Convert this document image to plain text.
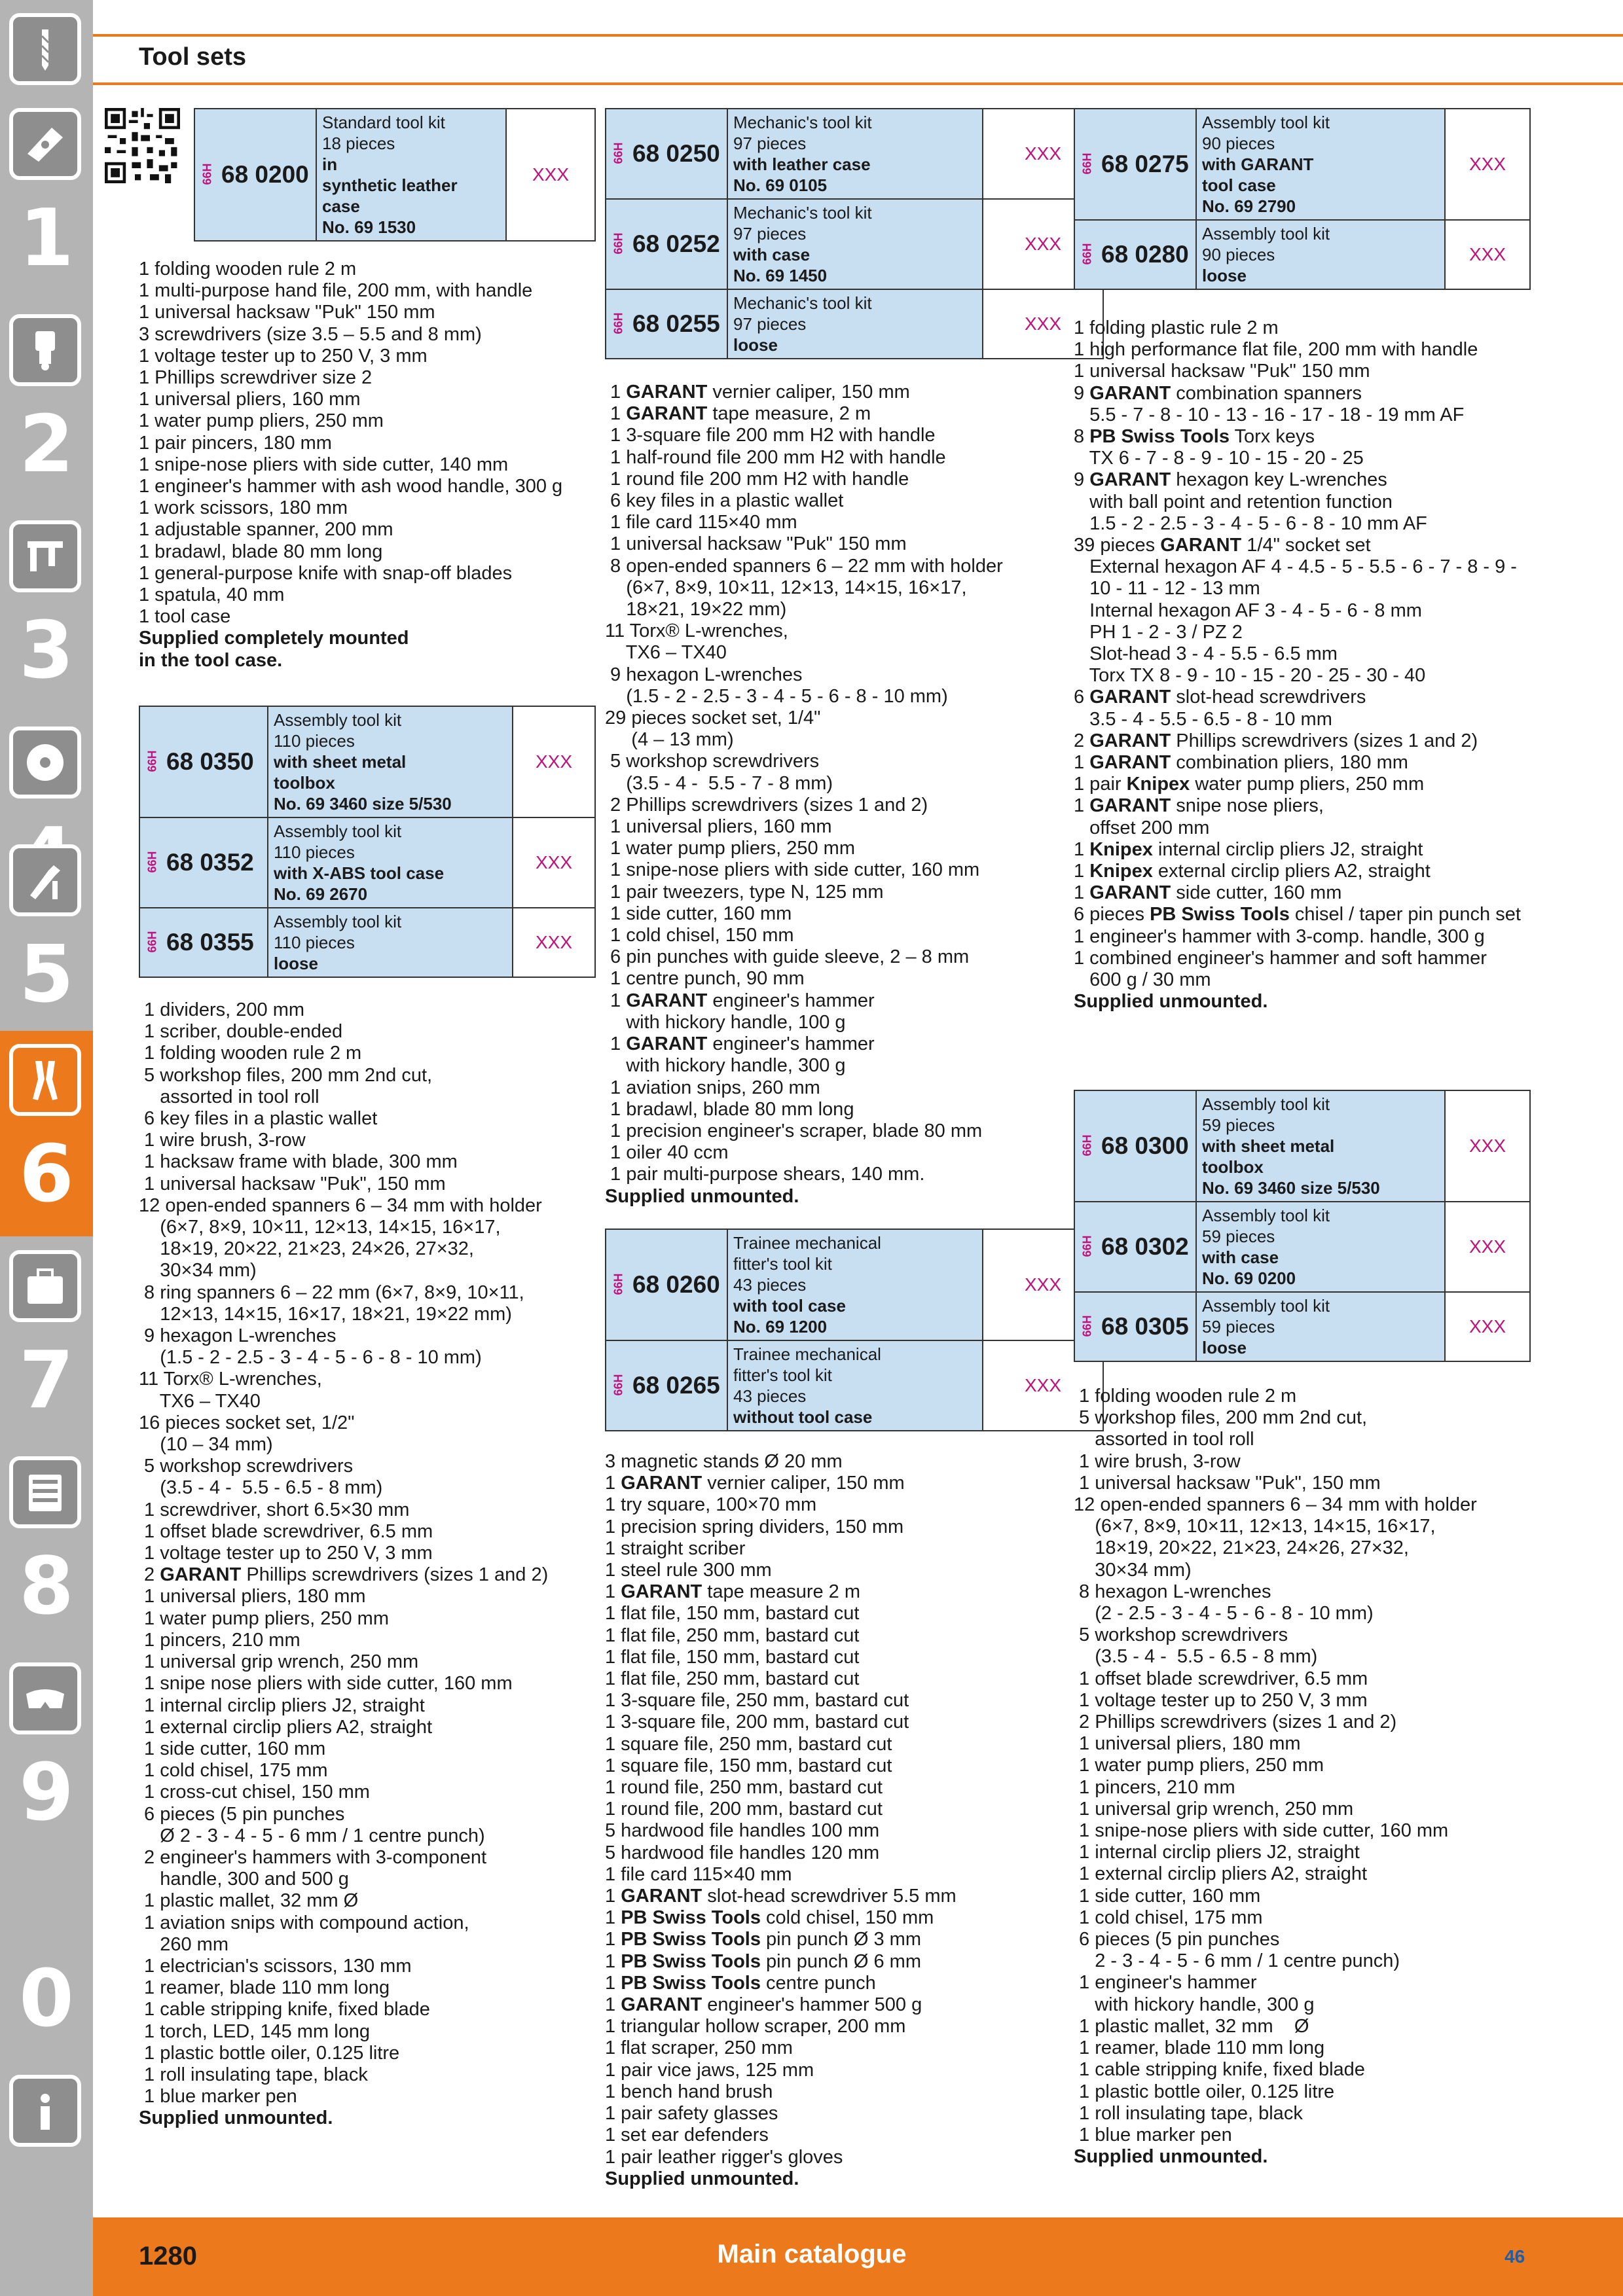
1
2
3
5
6
7
8
9
0
Tool sets
66H 68 0200
Standard tool kit
18 pieces
in
synthetic leather
case
No. 69 1530
XXX
1 folding wooden rule 2 m
1 multi-purpose hand file, 200 mm, with handle
1 universal hacksaw "Puk" 150 mm
3 screwdrivers (size 3.5 – 5.5 and 8 mm)
1 voltage tester up to 250 V, 3 mm
1 Phillips screwdriver size 2
1 universal pliers, 160 mm
1 water pump pliers, 250 mm
1 pair pincers, 180 mm
1 snipe-nose pliers with side cutter, 140 mm
1 engineer's hammer with ash wood handle, 300 g
1 work scissors, 180 mm
1 adjustable spanner, 200 mm
1 bradawl, blade 80 mm long
1 general-purpose knife with snap-off blades
1 spatula, 40 mm
1 tool case
Supplied completely mounted
in the tool case.
66H 68 0350
Assembly tool kit
110 pieces
with sheet metal
toolbox
No. 69 3460 size 5/530
XXX
66H 68 0352
Assembly tool kit
110 pieces
with X-ABS tool case
No. 69 2670
XXX
66H 68 0355
Assembly tool kit
110 pieces
loose
XXX
1 dividers, 200 mm
1 scriber, double-ended
1 folding wooden rule 2 m
5 workshop files, 200 mm 2nd cut,
assorted in tool roll
6 key files in a plastic wallet
1 wire brush, 3-row
1 hacksaw frame with blade, 300 mm
1 universal hacksaw "Puk", 150 mm
12 open-ended spanners 6 – 34 mm with holder
(6×7, 8×9, 10×11, 12×13, 14×15, 16×17,
18×19, 20×22, 21×23, 24×26, 27×32,
30×34 mm)
8 ring spanners 6 – 22 mm (6×7, 8×9, 10×11,
12×13, 14×15, 16×17, 18×21, 19×22 mm)
9 hexagon L-wrenches
(1.5 - 2 - 2.5 - 3 - 4 - 5 - 6 - 8 - 10 mm)
11 Torx® L-wrenches,
TX6 – TX40
16 pieces socket set, 1/2"
(10 – 34 mm)
5 workshop screwdrivers
(3.5 - 4 -  5.5 - 6.5 - 8 mm)
1 screwdriver, short 6.5×30 mm
1 offset blade screwdriver, 6.5 mm
1 voltage tester up to 250 V, 3 mm
2 GARANT Phillips screwdrivers (sizes 1 and 2)
1 universal pliers, 180 mm
1 water pump pliers, 250 mm
1 pincers, 210 mm
1 universal grip wrench, 250 mm
1 snipe nose pliers with side cutter, 160 mm
1 internal circlip pliers J2, straight
1 external circlip pliers A2, straight
1 side cutter, 160 mm
1 cold chisel, 175 mm
1 cross-cut chisel, 150 mm
6 pieces (5 pin punches
Ø 2 - 3 - 4 - 5 - 6 mm / 1 centre punch)
2 engineer's hammers with 3-component
handle, 300 and 500 g
1 plastic mallet, 32 mm Ø
1 aviation snips with compound action,
260 mm
1 electrician's scissors, 130 mm
1 reamer, blade 110 mm long
1 cable stripping knife, fixed blade
1 torch, LED, 145 mm long
1 plastic bottle oiler, 0.125 litre
1 roll insulating tape, black
1 blue marker pen
Supplied unmounted.
66H 68 0250
Mechanic's tool kit
97 pieces
with leather case
No. 69 0105
XXX
66H 68 0252
Mechanic's tool kit
97 pieces
with case
No. 69 1450
XXX
66H 68 0255
Mechanic's tool kit
97 pieces
loose
XXX
1 GARANT vernier caliper, 150 mm
1 GARANT tape measure, 2 m
1 3-square file 200 mm H2 with handle
1 half-round file 200 mm H2 with handle
1 round file 200 mm H2 with handle
6 key files in a plastic wallet
1 file card 115×40 mm
1 universal hacksaw "Puk" 150 mm
8 open-ended spanners 6 – 22 mm with holder
(6×7, 8×9, 10×11, 12×13, 14×15, 16×17,
18×21, 19×22 mm)
11 Torx® L-wrenches,
TX6 – TX40
9 hexagon L-wrenches
(1.5 - 2 - 2.5 - 3 - 4 - 5 - 6 - 8 - 10 mm)
29 pieces socket set, 1/4"
(4 – 13 mm)
5 workshop screwdrivers
(3.5 - 4 -  5.5 - 7 - 8 mm)
2 Phillips screwdrivers (sizes 1 and 2)
1 universal pliers, 160 mm
1 water pump pliers, 250 mm
1 snipe-nose pliers with side cutter, 160 mm
1 pair tweezers, type N, 125 mm
1 side cutter, 160 mm
1 cold chisel, 150 mm
6 pin punches with guide sleeve, 2 – 8 mm
1 centre punch, 90 mm
1 GARANT engineer's hammer
with hickory handle, 100 g
1 GARANT engineer's hammer
with hickory handle, 300 g
1 aviation snips, 260 mm
1 bradawl, blade 80 mm long
1 precision engineer's scraper, blade 80 mm
1 oiler 40 ccm
1 pair multi-purpose shears, 140 mm.
Supplied unmounted.
66H 68 0260
Trainee mechanical
fitter's tool kit
43 pieces
with tool case
No. 69 1200
XXX
66H 68 0265
Trainee mechanical
fitter's tool kit
43 pieces
without tool case
XXX
3 magnetic stands Ø 20 mm
1 GARANT vernier caliper, 150 mm
1 try square, 100×70 mm
1 precision spring dividers, 150 mm
1 straight scriber
1 steel rule 300 mm
1 GARANT tape measure 2 m
1 flat file, 150 mm, bastard cut
1 flat file, 250 mm, bastard cut
1 flat file, 150 mm, bastard cut
1 flat file, 250 mm, bastard cut
1 3-square file, 250 mm, bastard cut
1 3-square file, 200 mm, bastard cut
1 square file, 250 mm, bastard cut
1 square file, 150 mm, bastard cut
1 round file, 250 mm, bastard cut
1 round file, 200 mm, bastard cut
5 hardwood file handles 100 mm
5 hardwood file handles 120 mm
1 file card 115×40 mm
1 GARANT slot-head screwdriver 5.5 mm
1 PB Swiss Tools cold chisel, 150 mm
1 PB Swiss Tools pin punch Ø 3 mm
1 PB Swiss Tools pin punch Ø 6 mm
1 PB Swiss Tools centre punch
1 GARANT engineer's hammer 500 g
1 triangular hollow scraper, 200 mm
1 flat scraper, 250 mm
1 pair vice jaws, 125 mm
1 bench hand brush
1 pair safety glasses
1 set ear defenders
1 pair leather rigger's gloves
Supplied unmounted.
66H 68 0275
Assembly tool kit
90 pieces
with GARANT
tool case
No. 69 2790
XXX
66H 68 0280
Assembly tool kit
90 pieces
loose
XXX
1 folding plastic rule 2 m
1 high performance flat file, 200 mm with handle
1 universal hacksaw "Puk" 150 mm
9 GARANT combination spanners
5.5 - 7 - 8 - 10 - 13 - 16 - 17 - 18 - 19 mm AF
8 PB Swiss Tools Torx keys
TX 6 - 7 - 8 - 9 - 10 - 15 - 20 - 25
9 GARANT hexagon key L-wrenches
with ball point and retention function
1.5 - 2 - 2.5 - 3 - 4 - 5 - 6 - 8 - 10 mm AF
39 pieces GARANT 1/4" socket set
External hexagon AF 4 - 4.5 - 5 - 5.5 - 6 - 7 - 8 - 9 -
10 - 11 - 12 - 13 mm
Internal hexagon AF 3 - 4 - 5 - 6 - 8 mm
PH 1 - 2 - 3 / PZ 2
Slot-head 3 - 4 - 5.5 - 6.5 mm
Torx TX 8 - 9 - 10 - 15 - 20 - 25 - 30 - 40
6 GARANT slot-head screwdrivers
3.5 - 4 - 5.5 - 6.5 - 8 - 10 mm
2 GARANT Phillips screwdrivers (sizes 1 and 2)
1 GARANT combination pliers, 180 mm
1 pair Knipex water pump pliers, 250 mm
1 GARANT snipe nose pliers,
offset 200 mm
1 Knipex internal circlip pliers J2, straight
1 Knipex external circlip pliers A2, straight
1 GARANT side cutter, 160 mm
6 pieces PB Swiss Tools chisel / taper pin punch set
1 engineer's hammer with 3-comp. handle, 300 g
1 combined engineer's hammer and soft hammer
600 g / 30 mm
Supplied unmounted.
66H 68 0300
Assembly tool kit
59 pieces
with sheet metal
toolbox
No. 69 3460 size 5/530
XXX
66H 68 0302
Assembly tool kit
59 pieces
with case
No. 69 0200
XXX
66H 68 0305
Assembly tool kit
59 pieces
loose
XXX
1 folding wooden rule 2 m
5 workshop files, 200 mm 2nd cut,
assorted in tool roll
1 wire brush, 3-row
1 universal hacksaw "Puk", 150 mm
12 open-ended spanners 6 – 34 mm with holder
(6×7, 8×9, 10×11, 12×13, 14×15, 16×17,
18×19, 20×22, 21×23, 24×26, 27×32,
30×34 mm)
8 hexagon L-wrenches
(2 - 2.5 - 3 - 4 - 5 - 6 - 8 - 10 mm)
5 workshop screwdrivers
(3.5 - 4 -  5.5 - 6.5 - 8 mm)
1 offset blade screwdriver, 6.5 mm
1 voltage tester up to 250 V, 3 mm
2 Phillips screwdrivers (sizes 1 and 2)
1 universal pliers, 180 mm
1 water pump pliers, 250 mm
1 pincers, 210 mm
1 universal grip wrench, 250 mm
1 snipe-nose pliers with side cutter, 160 mm
1 internal circlip pliers J2, straight
1 external circlip pliers A2, straight
1 side cutter, 160 mm
1 cold chisel, 175 mm
6 pieces (5 pin punches
2 - 3 - 4 - 5 - 6 mm / 1 centre punch)
1 engineer's hammer
with hickory handle, 300 g
1 plastic mallet, 32 mm    Ø
1 reamer, blade 110 mm long
1 cable stripping knife, fixed blade
1 plastic bottle oiler, 0.125 litre
1 roll insulating tape, black
1 blue marker pen
Supplied unmounted.
1280	Main catalogue	46
